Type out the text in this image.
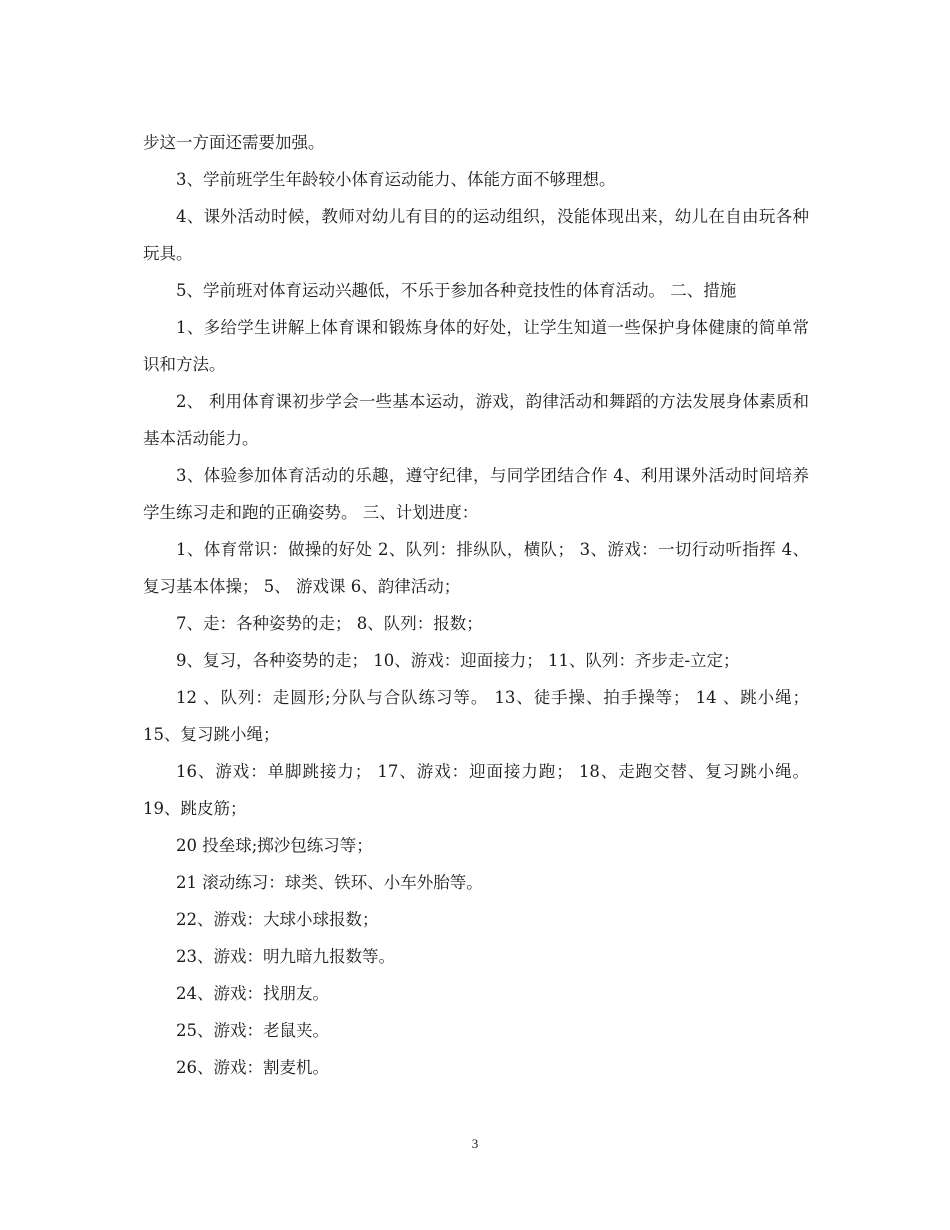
步这一方面还需要加强。

3、学前班学生年龄较小体育运动能力、体能方面不够理想。

4、课外活动时候，教师对幼儿有目的的运动组织，没能体现出来，幼儿在自由玩各种玩具。

5、学前班对体育运动兴趣低，不乐于参加各种竞技性的体育活动。 二、措施

1、多给学生讲解上体育课和锻炼身体的好处，让学生知道一些保护身体健康的简单常识和方法。

2、 利用体育课初步学会一些基本运动，游戏，韵律活动和舞蹈的方法发展身体素质和基本活动能力。

3、体验参加体育活动的乐趣，遵守纪律，与同学团结合作 4、利用课外活动时间培养学生练习走和跑的正确姿势。 三、计划进度：

1、体育常识：做操的好处 2、队列：排纵队，横队； 3、游戏：一切行动听指挥 4、复习基本体操； 5、 游戏课 6、韵律活动；

7、走：各种姿势的走； 8、队列：报数；

9、复习，各种姿势的走； 10、游戏：迎面接力； 11、队列：齐步走-立定；

12 、队列：走圆形;分队与合队练习等。 13、徒手操、拍手操等； 14 、跳小绳； 15、复习跳小绳；

16、游戏：单脚跳接力； 17、游戏：迎面接力跑； 18、走跑交替、复习跳小绳。 19、跳皮筋；

20 投垒球;掷沙包练习等；

21 滚动练习：球类、铁环、小车外胎等。

22、游戏：大球小球报数；

23、游戏：明九暗九报数等。

24、游戏：找朋友。

25、游戏：老鼠夹。

26、游戏：割麦机。

3
